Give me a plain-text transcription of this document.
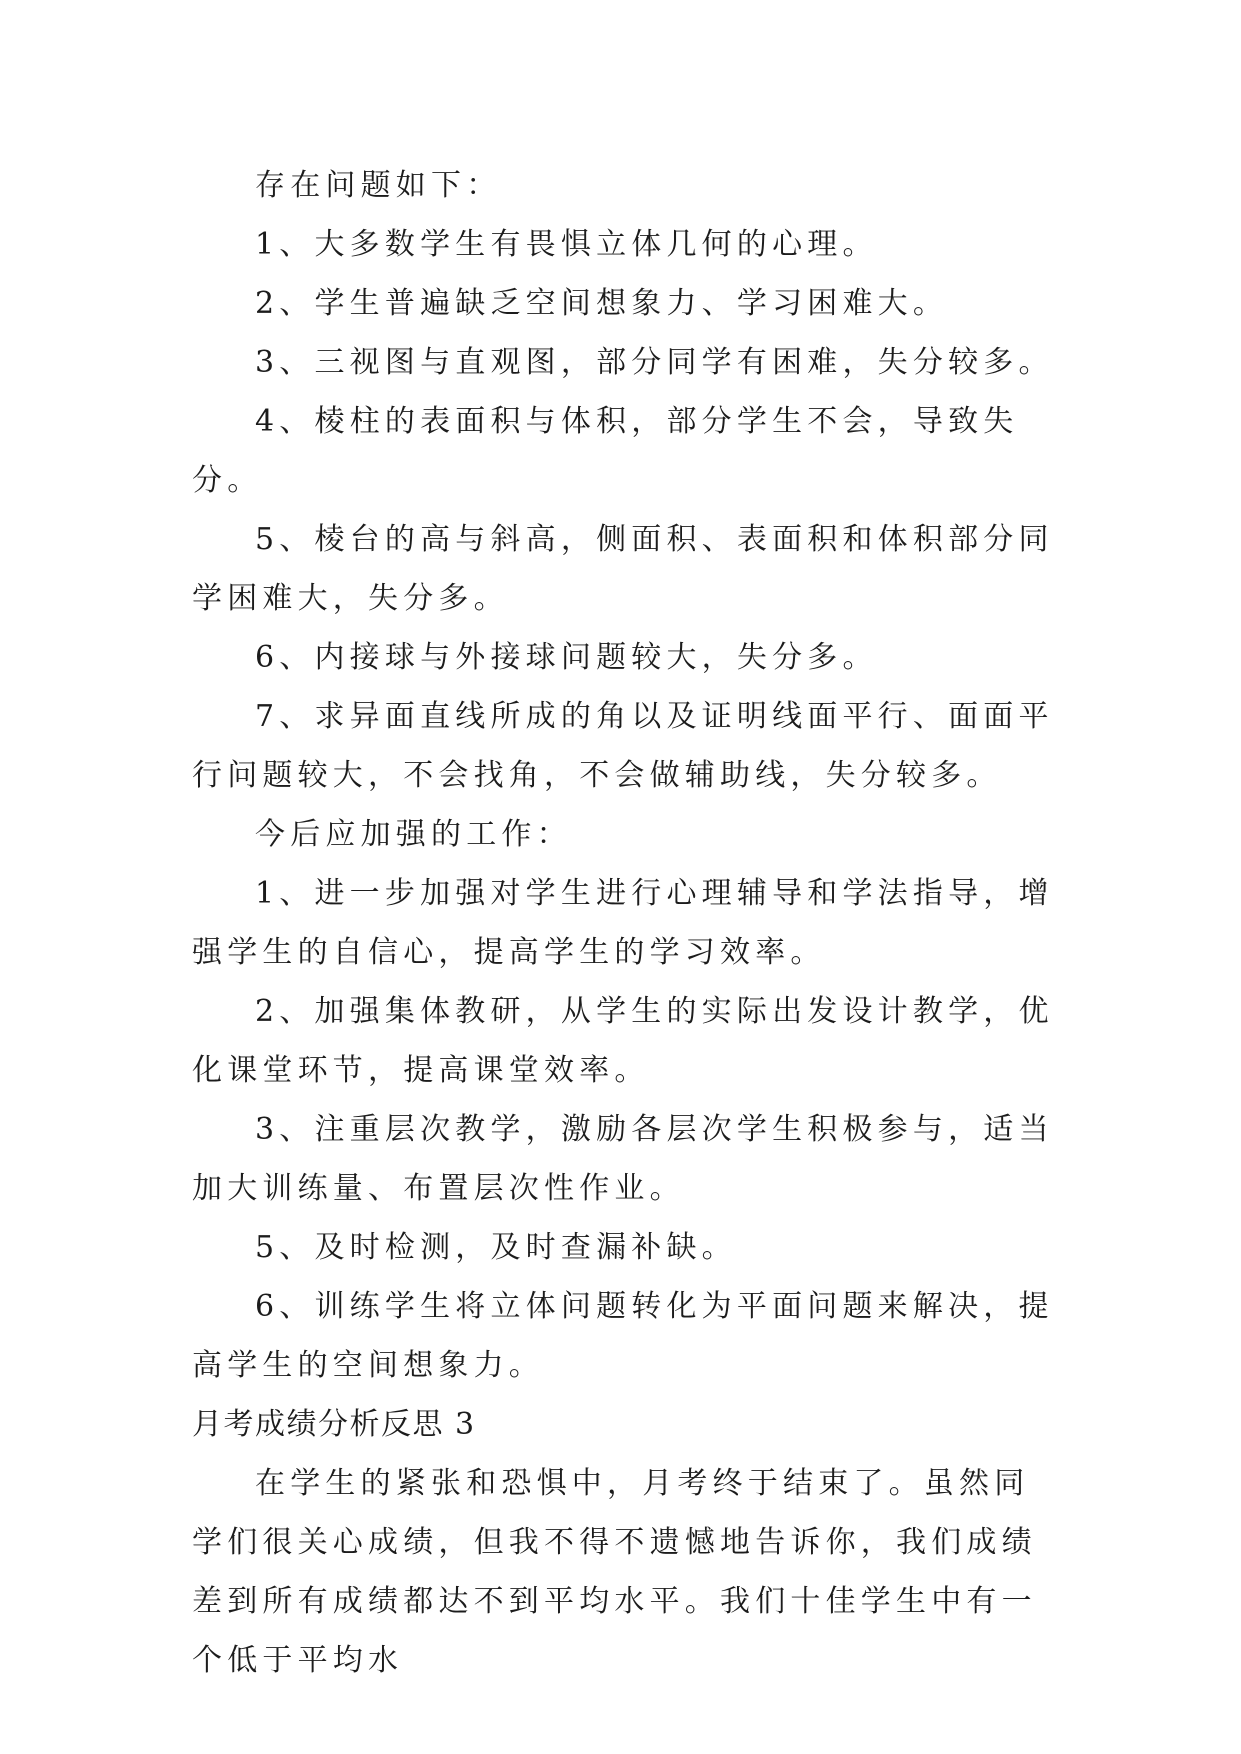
存在问题如下：

1、大多数学生有畏惧立体几何的心理。

2、学生普遍缺乏空间想象力、学习困难大。

3、三视图与直观图，部分同学有困难，失分较多。

4、棱柱的表面积与体积，部分学生不会，导致失分。

5、棱台的高与斜高，侧面积、表面积和体积部分同学困难大，失分多。

6、内接球与外接球问题较大，失分多。

7、求异面直线所成的角以及证明线面平行、面面平行问题较大，不会找角，不会做辅助线，失分较多。

今后应加强的工作：

1、进一步加强对学生进行心理辅导和学法指导，增强学生的自信心，提高学生的学习效率。

2、加强集体教研，从学生的实际出发设计教学，优化课堂环节，提高课堂效率。

3、注重层次教学，激励各层次学生积极参与，适当加大训练量、布置层次性作业。

5、及时检测，及时查漏补缺。

6、训练学生将立体问题转化为平面问题来解决，提高学生的空间想象力。

月考成绩分析反思 3

在学生的紧张和恐惧中，月考终于结束了。虽然同学们很关心成绩，但我不得不遗憾地告诉你，我们成绩差到所有成绩都达不到平均水平。我们十佳学生中有一个低于平均水
